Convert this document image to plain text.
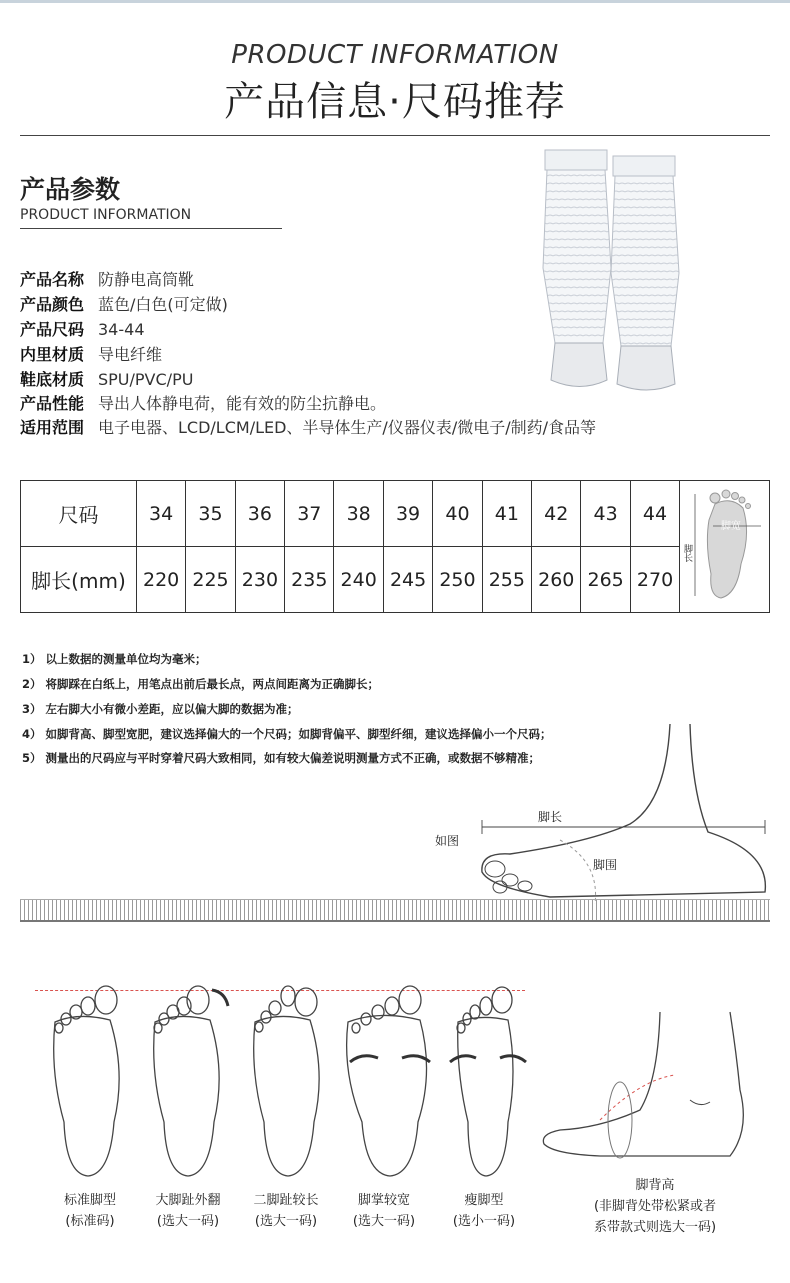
PRODUCT INFORMATION
产品信息·尺码推荐
产品参数
PRODUCT INFORMATION
产品名称 防静电高筒靴
产品颜色 蓝色/白色(可定做)
产品尺码 34-44
内里材质 导电纤维
鞋底材质 SPU/PVC/PU
产品性能 导出人体静电荷，能有效的防尘抗静电。
适用范围 电子电器、LCD/LCM/LED、半导体生产/仪器仪表/微电子/制药/食品等
尺码	34	35	36	37	38	39	40	41	42	43	44	脚长
脚宽

脚长(mm)	220	225	230	235	240	245	250	255	260	265	270	
1） 以上数据的测量单位均为毫米；
2） 将脚踩在白纸上，用笔点出前后最长点，两点间距离为正确脚长；
3） 左右脚大小有微小差距，应以偏大脚的数据为准；
4） 如脚背高、脚型宽肥，建议选择偏大的一个尺码；如脚背偏平、脚型纤细，建议选择偏小一个尺码；
5） 测量出的尺码应与平时穿着尺码大致相同，如有较大偏差说明测量方式不正确，或数据不够精准；
脚长
如图
脚围
标准脚型
(标准码)
大脚趾外翻
(选大一码)
二脚趾较长
(选大一码)
脚掌较宽
(选大一码)
瘦脚型
(选小一码)
脚背高
(非脚背处带松紧或者
系带款式则选大一码)
